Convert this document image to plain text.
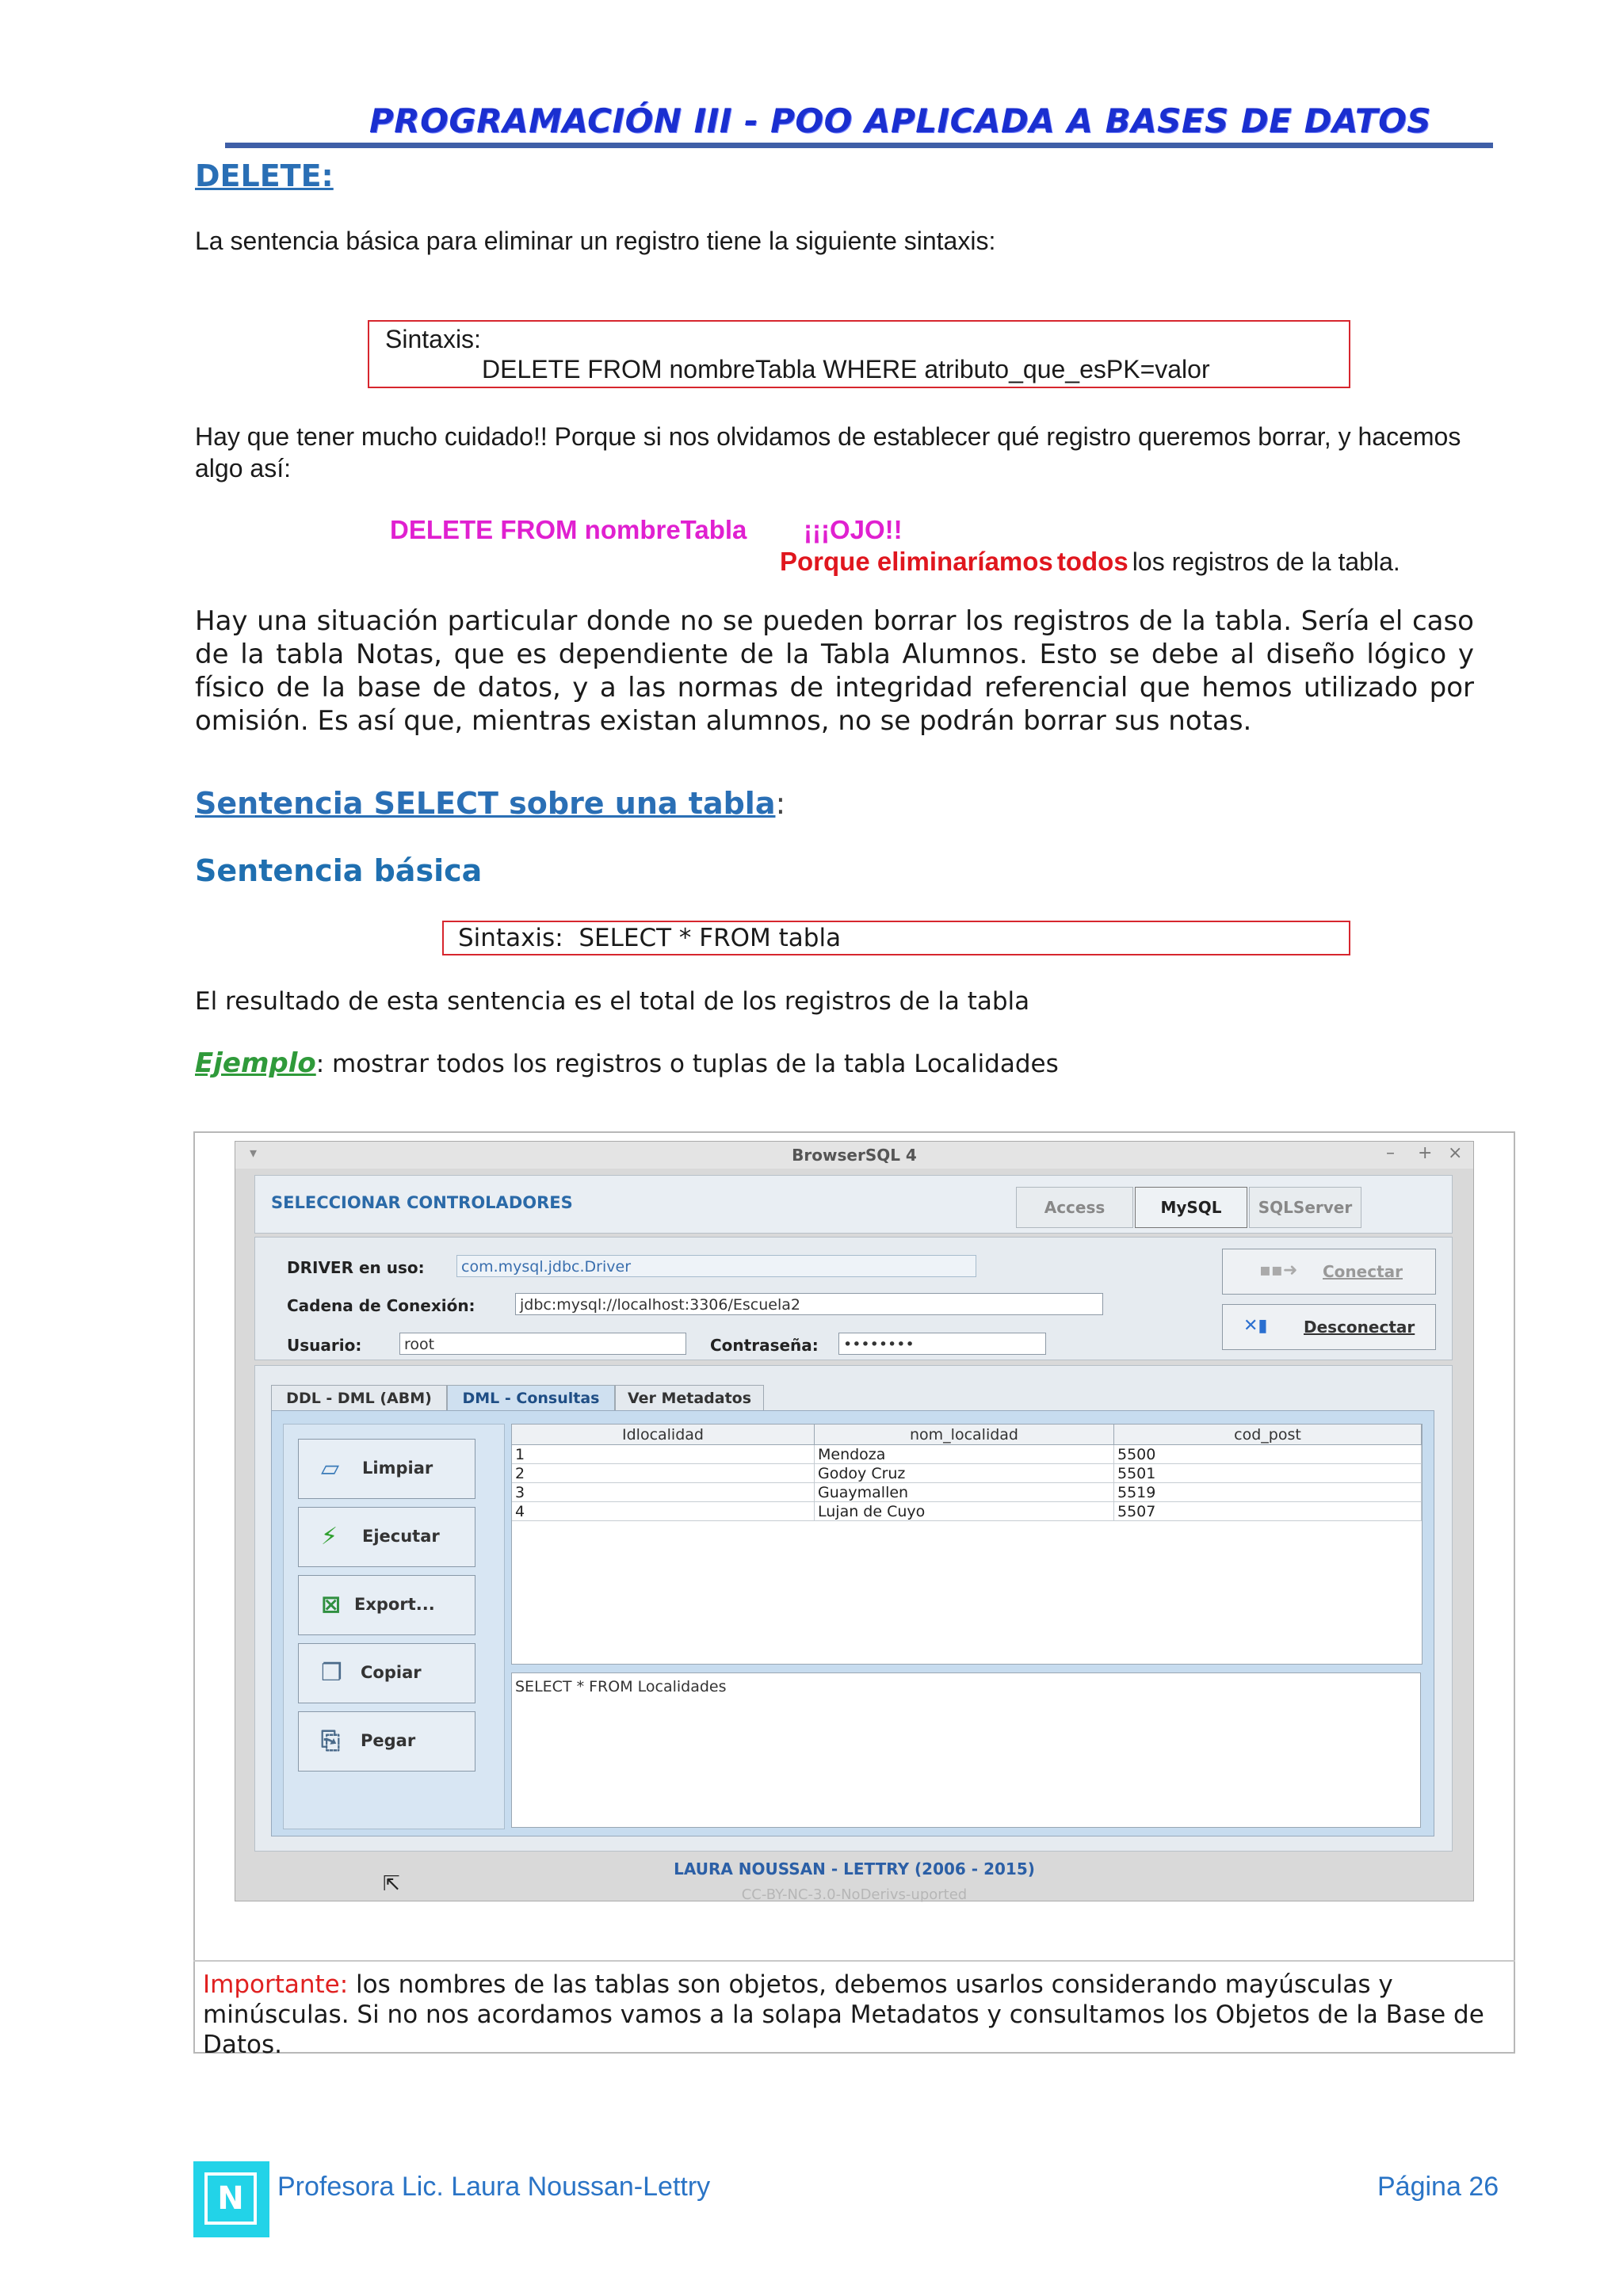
PROGRAMACIÓN III - POO APLICADA A BASES DE DATOS
DELETE:
La sentencia básica para eliminar un registro tiene la siguiente sintaxis:
Sintaxis:
DELETE FROM nombreTabla WHERE atributo_que_esPK=valor
Hay que tener mucho cuidado!! Porque si nos olvidamos de establecer qué registro queremos borrar, y hacemos algo así:
DELETE FROM nombreTabla ¡¡¡OJO!!
Porque eliminaríamos todos los registros de la tabla.
Hay una situación particular donde no se pueden borrar los registros de la tabla. Sería el caso de la tabla Notas, que es dependiente de la Tabla Alumnos. Esto se debe al diseño lógico y físico de la base de datos, y a las normas de integridad referencial que hemos utilizado por omisión. Es así que, mientras existan alumnos, no se podrán borrar sus notas.
Sentencia SELECT sobre una tabla:
Sentencia básica
Sintaxis:  SELECT * FROM tabla
El resultado de esta sentencia es el total de los registros de la tabla
Ejemplo: mostrar todos los registros o tuplas de la tabla Localidades
BrowserSQL 4
▾	– + ×
SELECCIONAR CONTROLADORES	Access	MySQL	SQLServer
DRIVER en uso:	com.mysql.jdbc.Driver
Cadena de Conexión:	jdbc:mysql://localhost:3306/Escuela2
Usuario:	root	Contraseña:	••••••••
▪▪➜ Conectar
✕▮ Desconectar
DDL - DML (ABM)	DML - Consultas	Ver Metadatos
▱ Limpiar
⚡ Ejecutar
⊠ Export...
❐ Copiar
⎘ Pegar
Idlocalidad	nom_localidad	cod_post
1	Mendoza	5500
2	Godoy Cruz	5501
3	Guaymallen	5519
4	Lujan de Cuyo	5507
SELECT * FROM Localidades
LAURA NOUSSAN - LETTRY (2006 - 2015)
CC-BY-NC-3.0-NoDerivs-uported
⇱
Importante: los nombres de las tablas son objetos, debemos usarlos considerando mayúsculas y minúsculas. Si no nos acordamos vamos a la solapa Metadatos y consultamos los Objetos de la Base de Datos.
N	Profesora Lic. Laura Noussan-Lettry	Página 26
